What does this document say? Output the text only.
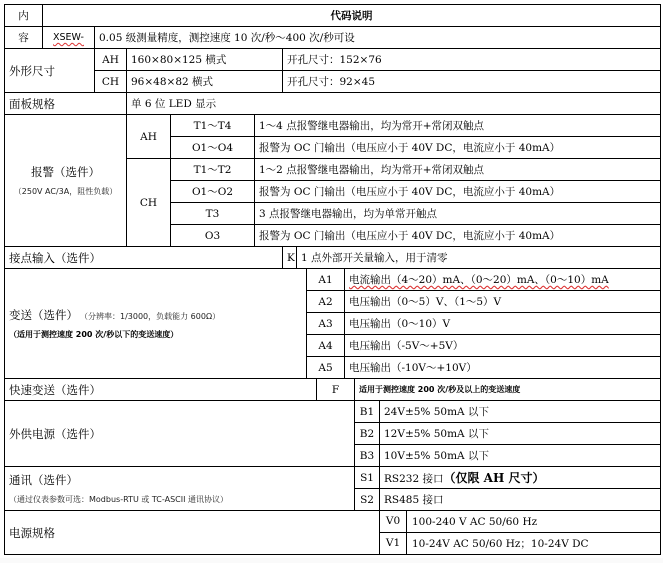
内	代码说明											
容	XSEW-	0.05 级测量精度，测控速度 10 次/秒～400 次/秒可设										
外形尺寸		AH	160×80×125 横式			开孔尺寸：152×76						
		CH	96×48×82 横式			开孔尺寸：92×45						
面板规格			单 6 位 LED 显示									

报警（选件）
（250V AC/3A，阻性负载）			AH	T1～T4	1～4 点报警继电器输出，均为常开+常闭双触点							
				O1～O4	报警为 OC 门输出（电压应小于 40V DC，电流应小于 40mA）							
			CH	T1～T2	1～2 点报警继电器输出，均为常开+常闭双触点							
				O1～O2	报警为 OC 门输出（电压应小于 40V DC，电流应小于 40mA）							
				T3	3 点报警继电器输出，均为单常开触点							
				O3	报警为 OC 门输出（电压应小于 40V DC，电流应小于 40mA）							
接点输入（选件）						K	1 点外部开关量输入，用于清零					

变送（选件） （分辨率：1/3000，负载能力 600Ω）
（适用于测控速度 200 次/秒以下的变送速度）								A1		电流输出（4～20）mA、（0～20）mA、（0～10）mA		
								A2		电压输出（0～5）V、（1～5）V		
								A3		电压输出（0～10）V		
								A4		电压输出（-5V～+5V）		
								A5		电压输出（-10V～+10V）		
快速变送（选件）									F		适用于测控速度 200 次/秒及以上的变送速度	
外供电源（选件）											B1	24V±5% 50mA 以下
											B2	12V±5% 50mA 以下
											B3	10V±5% 50mA 以下

通讯（选件）
（通过仪表参数可选：Modbus-RTU 或 TC-ASCII 通讯协议）											S1	RS232 接口（仅限 AH 尺寸）
											S2	RS485 接口
电源规格												V0 100-240 V AC 50/60 Hz

												V1 10-24V AC 50/60 Hz；10-24V DC
